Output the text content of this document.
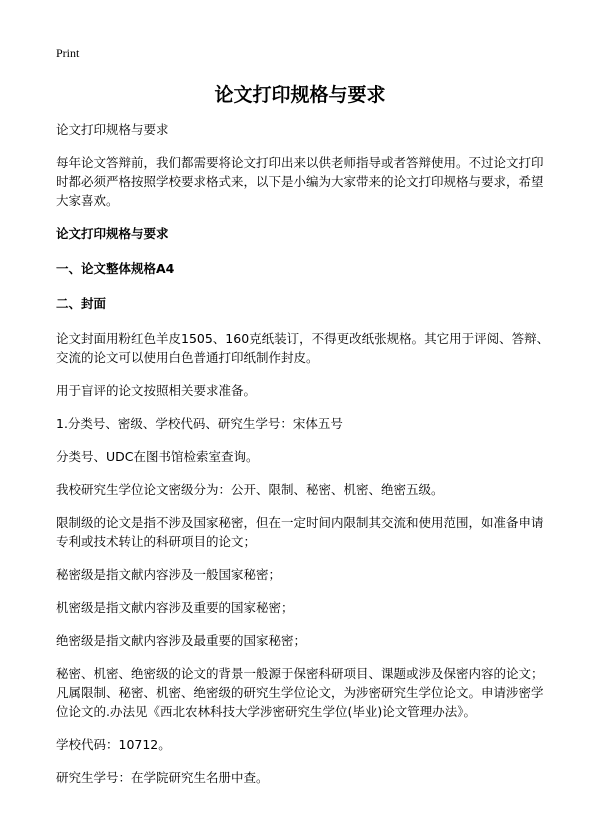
Print
论文打印规格与要求

论文打印规格与要求

每年论文答辩前，我们都需要将论文打印出来以供老师指导或者答辩使用。不过论文打印时都必须严格按照学校要求格式来，以下是小编为大家带来的论文打印规格与要求，希望大家喜欢。

论文打印规格与要求

一、论文整体规格A4

二、封面

论文封面用粉红色羊皮1505、160克纸装订，不得更改纸张规格。其它用于评阅、答辩、交流的论文可以使用白色普通打印纸制作封皮。

用于盲评的论文按照相关要求准备。

1.分类号、密级、学校代码、研究生学号：宋体五号

分类号、UDC在图书馆检索室查询。

我校研究生学位论文密级分为：公开、限制、秘密、机密、绝密五级。

限制级的论文是指不涉及国家秘密，但在一定时间内限制其交流和使用范围，如准备申请专利或技术转让的科研项目的论文；

秘密级是指文献内容涉及一般国家秘密；

机密级是指文献内容涉及重要的国家秘密；

绝密级是指文献内容涉及最重要的国家秘密；

秘密、机密、绝密级的论文的背景一般源于保密科研项目、课题或涉及保密内容的论文；凡属限制、秘密、机密、绝密级的研究生学位论文，为涉密研究生学位论文。申请涉密学位论文的.办法见《西北农林科技大学涉密研究生学位(毕业)论文管理办法》。

学校代码：10712。

研究生学号：在学院研究生名册中查。
